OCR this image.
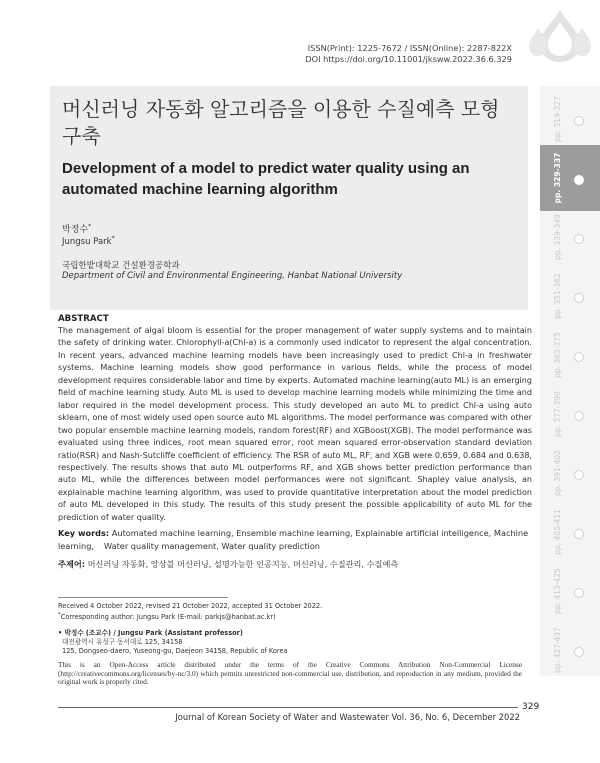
ISSN(Print): 1225-7672 / ISSN(Online): 2287-822X
DOI https://doi.org/10.11001/jksww.2022.36.6.329
머신러닝 자동화 알고리즘을 이용한 수질예측 모형 구축
Development of a model to predict water quality using an automated machine learning algorithm
박정수*
Jungsu Park*
국립한밭대학교 건설환경공학과
Department of Civil and Environmental Engineering, Hanbat National University
ABSTRACT
The management of algal bloom is essential for the proper management of water supply systems and to maintain the safety of drinking water. Chlorophyll-a(Chl-a) is a commonly used indicator to represent the algal concentration. In recent years, advanced machine learning models have been increasingly used to predict Chl-a in freshwater systems. Machine learning models show good performance in various fields, while the process of model development requires considerable labor and time by experts. Automated machine learning(auto ML) is an emerging field of machine learning study. Auto ML is used to develop machine learning models while minimizing the time and labor required in the model development process. This study developed an auto ML to predict Chl-a using auto sklearn, one of most widely used open source auto ML algorithms. The model performance was compared with other two popular ensemble machine learning models, random forest(RF) and XGBoost(XGB). The model performance was evaluated using three indices, root mean squared error, root mean squared error-observation standard deviation ratio(RSR) and Nash-Sutcliffe coefficient of efficiency. The RSR of auto ML, RF, and XGB were 0.659, 0.684 and 0.638, respectively. The results shows that auto ML outperforms RF, and XGB shows better prediction performance than auto ML, while the differences between model performances were not significant. Shapley value analysis, an explainable machine learning algorithm, was used to provide quantitative interpretation about the model prediction of auto ML developed in this study. The results of this study present the possible applicability of auto ML for the prediction of water quality.
Key words: Automated machine learning, Ensemble machine learning, Explainable artificial intelligence, Machine learning,	Water quality management, Water quality prediction
주제어: 머신러닝 자동화, 앙상블 머신러닝, 설명가능한 인공지능, 머신러닝, 수질관리, 수질예측
Received 4 October 2022, revised 21 October 2022, accepted 31 October 2022.
*Corresponding author: Jungsu Park (E-mail: parkjs@hanbat.ac.kr)
• 박정수 (조교수) / Jungsu Park (Assistant professor)
대전광역시 유성구 동서대로 125, 34158
125, Dongseo-daero, Yuseong-gu, Daejeon 34158, Republic of Korea
This is an Open-Access article distributed under the terms of the Creative Commons Attribution Non-Commercial License (http://creativecommons.org/licenses/by-nc/3.0) which permits unrestricted non-commercial use, distribution, and reproduction in any medium, provided the original work is properly cited.
329
Journal of Korean Society of Water and Wastewater Vol. 36, No. 6, December 2022
pp. 319-327
pp. 329-337
pp. 339-349
pp. 351-362
pp. 363-375
pp. 377-390
pp. 391-402
pp. 403-411
pp. 413-425
pp. 427-437
